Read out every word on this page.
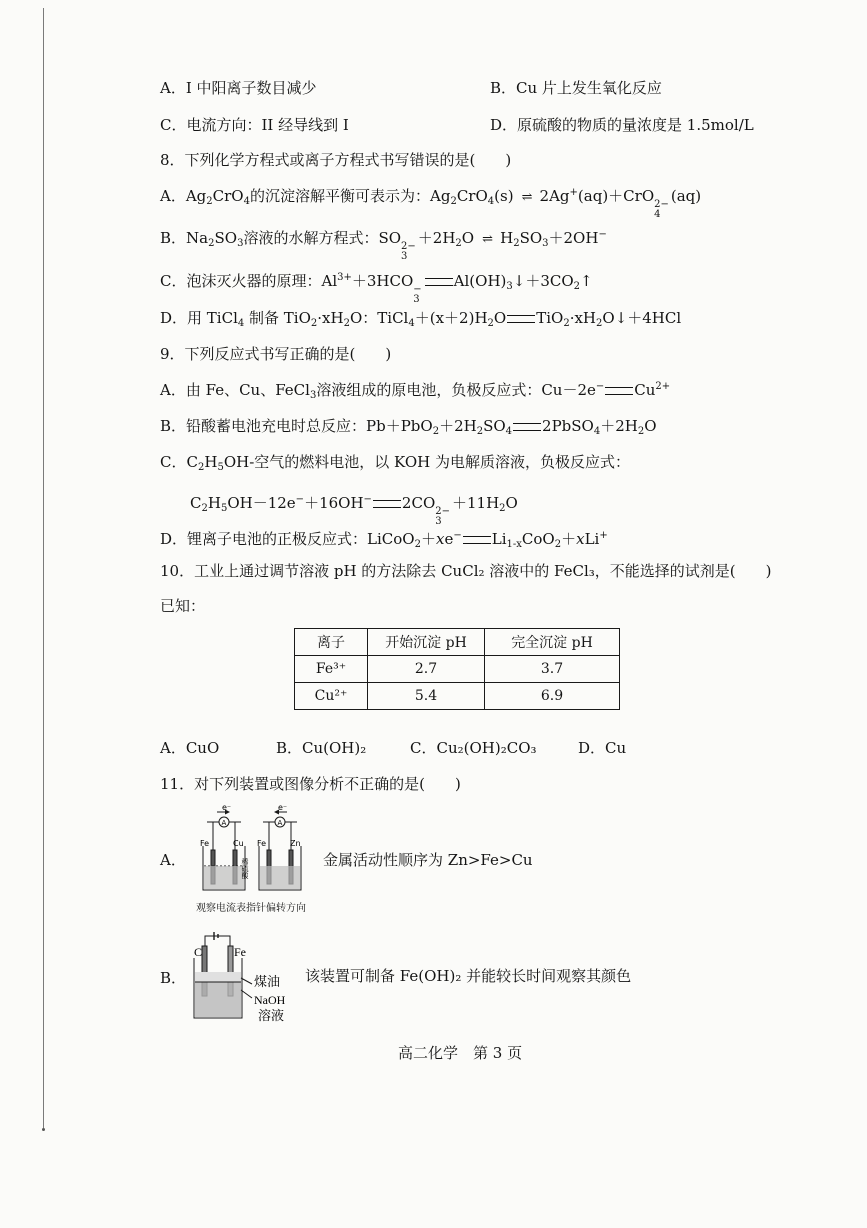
A．I 中阳离子数目减少	B．Cu 片上发生氧化反应
C．电流方向：II 经导线到 I	D．原硫酸的物质的量浓度是 1.5mol/L
8．下列化学方程式或离子方程式书写错误的是(　　)
A．$Ag_2CrO_4$的沉淀溶解平衡可表示为：$Ag_2CrO_4(s)$ ⇌ 2Ag+(aq)＋CrO 2−
4
(aq)
B．$Na_2SO_3$溶液的水解方程式：SO 2−
3
$+2H_2O$ ⇌ $H_2SO_3+2OH^-$
C．泡沫灭火器的原理：$Al^{3+}+3HCO$ −
3
$Al(OH)_3↓+3CO_2↑$
D．用 TiCl$_4$ 制备 $TiO_2\cdot xH_2O$：$TiCl_4+(x+2)H_2O$ $TiO_2\cdot xH_2O↓+4HCl$
9．下列反应式书写正确的是(　　)
A．由 Fe、Cu、FeCl$_3$溶液组成的原电池，负极反应式：Cu－2e− $Cu^{2+}$
B．铅酸蓄电池充电时总反应：$Pb+PbO_2+2H_2SO_4$ $2PbSO_4+2H_2O$
C．$C_2H_5OH-$空气的燃料电池，以 KOH 为电解质溶液，负极反应式：
$C_2H_5OH-12e^-+16OH^-$ 2CO 2−
3
$+11H_2O$
D．锂离子电池的正极反应式：LiCoO$_2$＋xe− $Li_{1-x}CoO_2+xLi^+$
10．工业上通过调节溶液 pH 的方法除去 CuCl₂ 溶液中的 FeCl₃，不能选择的试剂是(　　)
已知：
离子	开始沉淀 pH	完全沉淀 pH
Fe³⁺	2.7	3.7
Cu²⁺	5.4	6.9
A．CuO	B．Cu(OH)₂	C．Cu₂(OH)₂CO₃	D．Cu
11．对下列装置或图像分析不正确的是(　　)
A．
e⁻	e⁻
A	A
Fe	Cu Fe	Zn
稀硫酸
观察电流表指针偏转方向
金属活动性顺序为 Zn>Fe>Cu
B．
C	Fe
煤油
NaOH
溶液
该装置可制备 Fe(OH)₂ 并能较长时间观察其颜色
高二化学　第 3 页
